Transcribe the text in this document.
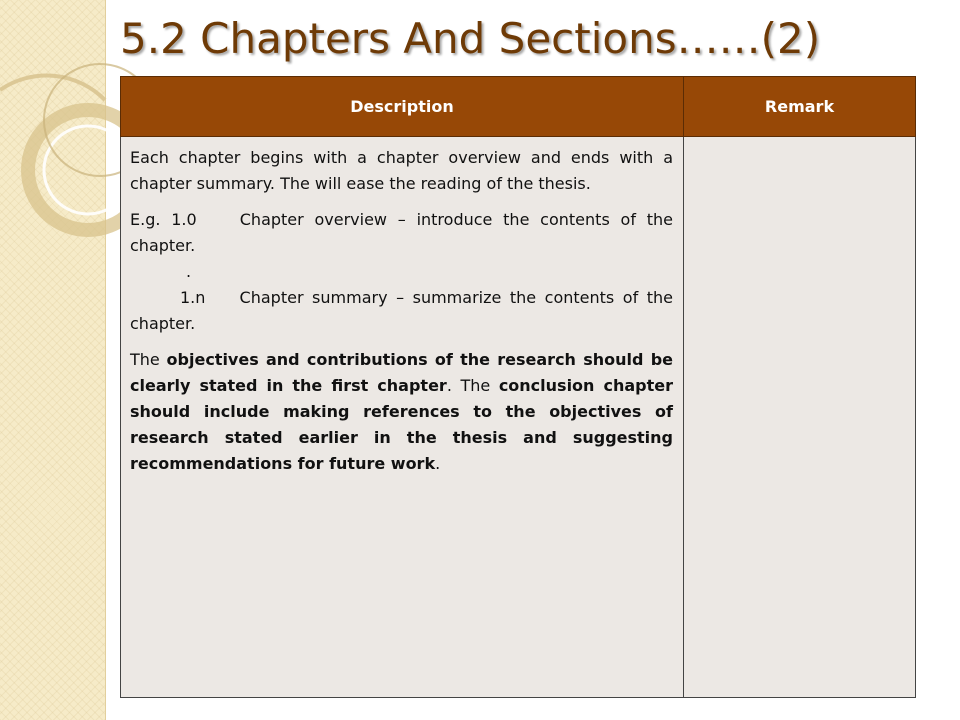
5.2 Chapters And Sections……(2)
Description	Remark

Each chapter begins with a chapter overview and ends with a chapter summary. The will ease the reading of the thesis.

E.g. 1.0 Chapter overview – introduce the contents of the chapter.
.
1.n Chapter summary – summarize the contents of the chapter.

The objectives and contributions of the research should be clearly stated in the first chapter. The conclusion chapter should include making references to the objectives of research stated earlier in the thesis and suggesting recommendations for future work.	
